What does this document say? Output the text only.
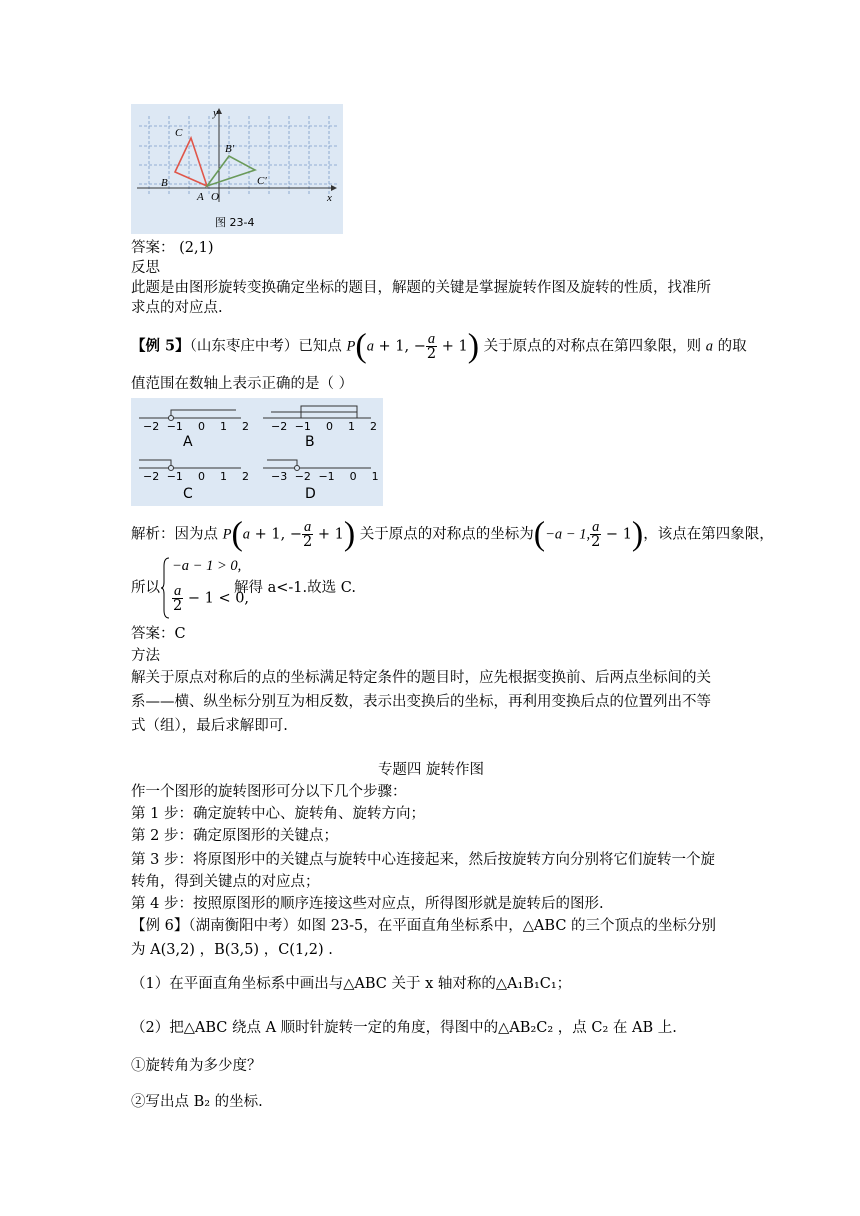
C
B
A O
B′
C′
y
x
图 23-4
答案： (2,1)
反思
此题是由图形旋转变换确定坐标的题目，解题的关键是掌握旋转作图及旋转的性质，找准所
求点的对应点.
【例 5】（山东枣庄中考）已知点 P(a + 1, − $\frac{a}{2} + 1$) 关于原点的对称点在第四象限，则 a 的取
值范围在数轴上表示正确的是（ ）
−2 −1 0 1 2
A
−2 −1 0 1 2
B
−2 −1 0 1 2
C
−3 −2 −1 0 1
D
解析：因为点 P(a + 1, − $\frac{a}{2} + 1$) 关于原点的对称点的坐标为(−a − 1, $\frac{a}{2} - 1$)，该点在第四象限，
所以
−a − 1 > 0,
$\frac{a}{2} - 1 < 0$,
解得 a<-1.故选 C.
答案：C
方法
解关于原点对称后的点的坐标满足特定条件的题目时，应先根据变换前、后两点坐标间的关
系——横、纵坐标分别互为相反数，表示出变换后的坐标，再利用变换后点的位置列出不等
式（组），最后求解即可.
专题四 旋转作图
作一个图形的旋转图形可分以下几个步骤：
第 1 步：确定旋转中心、旋转角、旋转方向；
第 2 步：确定原图形的关键点；
第 3 步：将原图形中的关键点与旋转中心连接起来，然后按旋转方向分别将它们旋转一个旋
转角，得到关键点的对应点；
第 4 步：按照原图形的顺序连接这些对应点，所得图形就是旋转后的图形.
【例 6】（湖南衡阳中考）如图 23-5，在平面直角坐标系中，△ABC 的三个顶点的坐标分别
为 A(3,2) ，B(3,5) ，C(1,2) .
（1）在平面直角坐标系中画出与△ABC 关于 x 轴对称的△A₁B₁C₁；
（2）把△ABC 绕点 A 顺时针旋转一定的角度，得图中的△AB₂C₂ ，点 C₂ 在 AB 上.
①旋转角为多少度？
②写出点 B₂ 的坐标.
